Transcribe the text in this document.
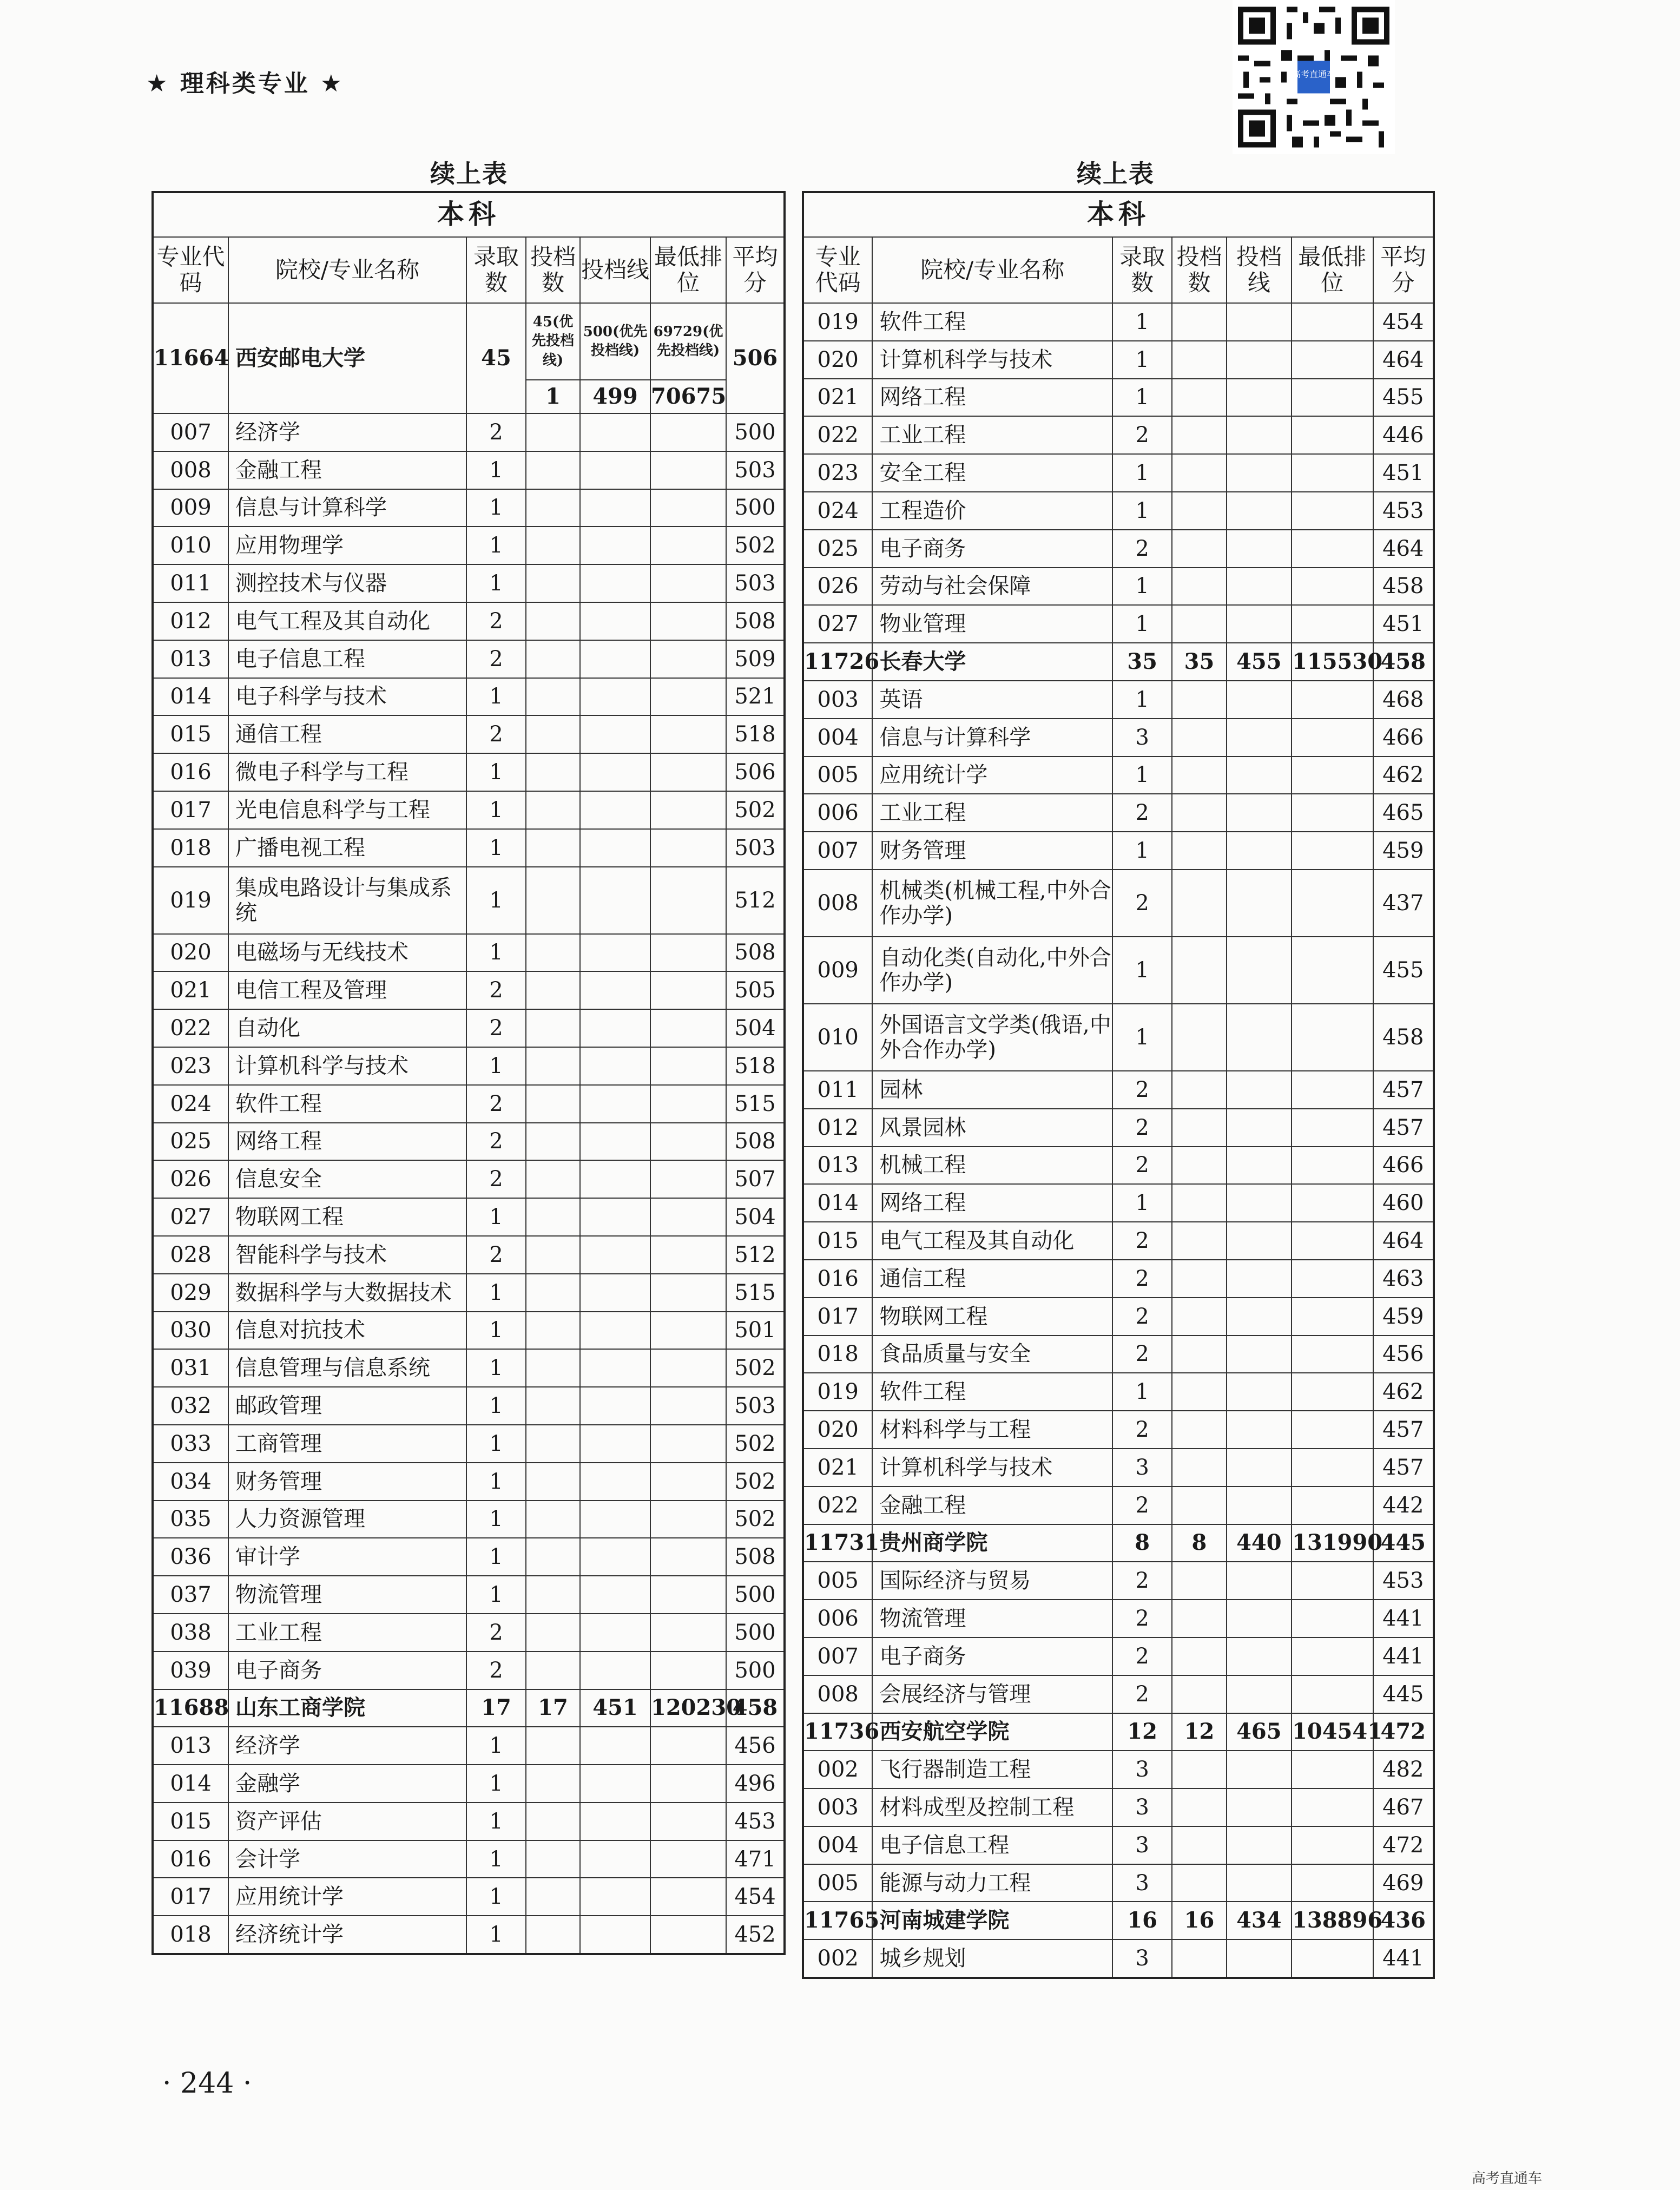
★ 理科类专业 ★	高考直通车
续上表	续上表
本科						
专业代码	院校/专业名称	录取数	投档数	投档线	最低排位	平均分
11664	西安邮电大学	45	45(优先投档线)	500(优先投档线)	69729(优先投档线)	506
			1	499	70675	
007	经济学	2				500
008	金融工程	1				503
009	信息与计算科学	1				500
010	应用物理学	1				502
011	测控技术与仪器	1				503
012	电气工程及其自动化	2				508
013	电子信息工程	2				509
014	电子科学与技术	1				521
015	通信工程	2				518
016	微电子科学与工程	1				506
017	光电信息科学与工程	1				502
018	广播电视工程	1				503
019	集成电路设计与集成系统	1				512
020	电磁场与无线技术	1				508
021	电信工程及管理	2				505
022	自动化	2				504
023	计算机科学与技术	1				518
024	软件工程	2				515
025	网络工程	2				508
026	信息安全	2				507
027	物联网工程	1				504
028	智能科学与技术	2				512
029	数据科学与大数据技术	1				515
030	信息对抗技术	1				501
031	信息管理与信息系统	1				502
032	邮政管理	1				503
033	工商管理	1				502
034	财务管理	1				502
035	人力资源管理	1				502
036	审计学	1				508
037	物流管理	1				500
038	工业工程	2				500
039	电子商务	2				500
11688	山东工商学院	17	17	451	120230	458
013	经济学	1				456
014	金融学	1				496
015	资产评估	1				453
016	会计学	1				471
017	应用统计学	1				454
018	经济统计学	1				452
本科						
专业代码	院校/专业名称	录取数	投档数	投档线	最低排位	平均分
019	软件工程	1				454
020	计算机科学与技术	1				464
021	网络工程	1				455
022	工业工程	2				446
023	安全工程	1				451
024	工程造价	1				453
025	电子商务	2				464
026	劳动与社会保障	1				458
027	物业管理	1				451
11726	长春大学	35	35	455	115530	458
003	英语	1				468
004	信息与计算科学	3				466
005	应用统计学	1				462
006	工业工程	2				465
007	财务管理	1				459
008	机械类(机械工程,中外合作办学)	2				437
009	自动化类(自动化,中外合作办学)	1				455
010	外国语言文学类(俄语,中外合作办学)	1				458
011	园林	2				457
012	风景园林	2				457
013	机械工程	2				466
014	网络工程	1				460
015	电气工程及其自动化	2				464
016	通信工程	2				463
017	物联网工程	2				459
018	食品质量与安全	2				456
019	软件工程	1				462
020	材料科学与工程	2				457
021	计算机科学与技术	3				457
022	金融工程	2				442
11731	贵州商学院	8	8	440	131990	445
005	国际经济与贸易	2				453
006	物流管理	2				441
007	电子商务	2				441
008	会展经济与管理	2				445
11736	西安航空学院	12	12	465	104541	472
002	飞行器制造工程	3				482
003	材料成型及控制工程	3				467
004	电子信息工程	3				472
005	能源与动力工程	3				469
11765	河南城建学院	16	16	434	138896	436
002	城乡规划	3				441
· 244 ·
高考直通车
